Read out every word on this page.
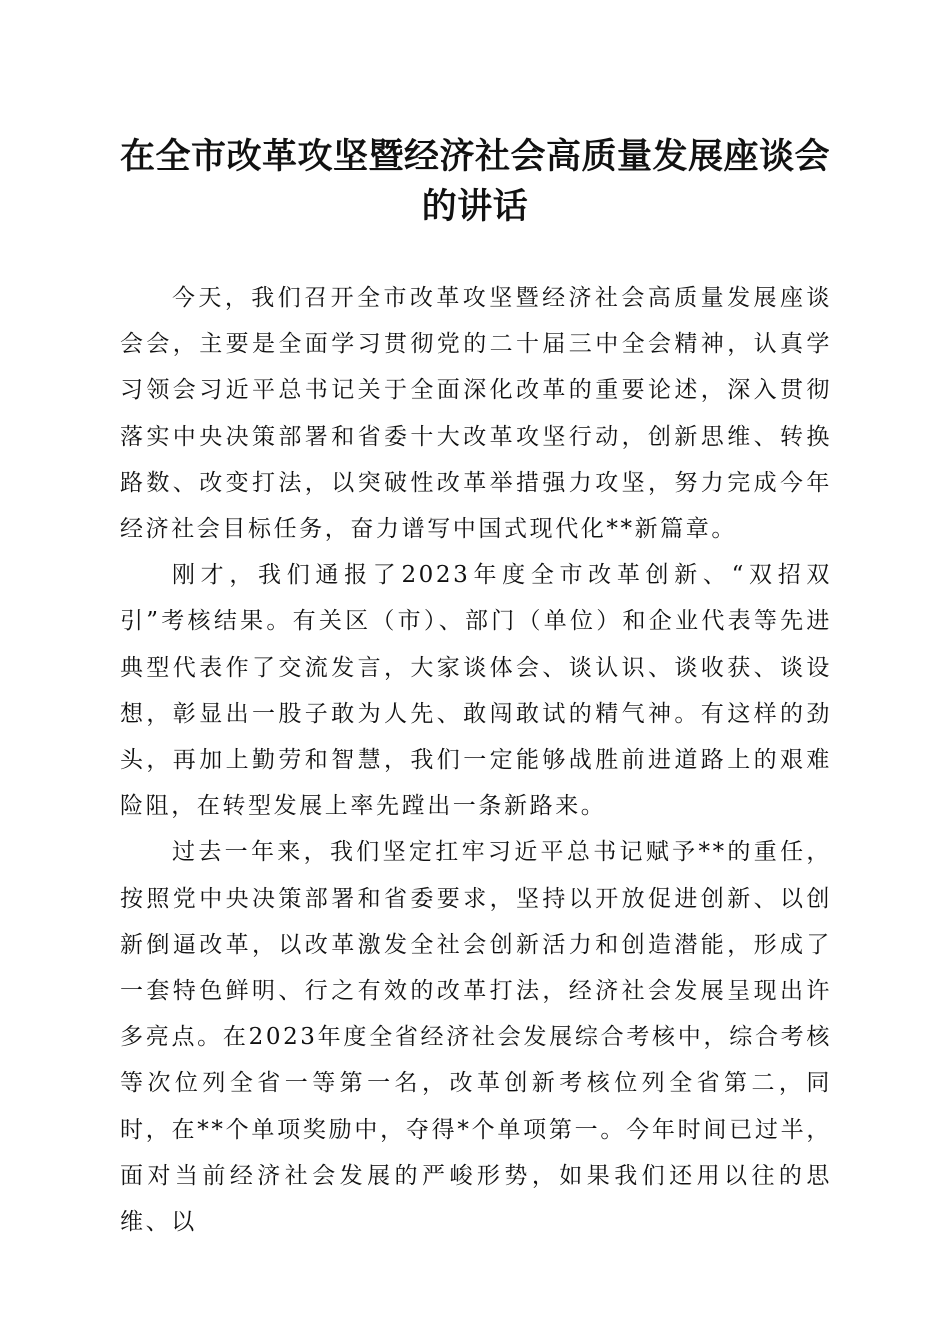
在全市改革攻坚暨经济社会高质量发展座谈会
的讲话

今天，我们召开全市改革攻坚暨经济社会高质量发展座谈会会，主要是全面学习贯彻党的二十届三中全会精神，认真学习领会习近平总书记关于全面深化改革的重要论述，深入贯彻落实中央决策部署和省委十大改革攻坚行动，创新思维、转换路数、改变打法，以突破性改革举措强力攻坚，努力完成今年经济社会目标任务，奋力谱写中国式现代化**新篇章。

刚才，我们通报了2023年度全市改革创新、“双招双引”考核结果。有关区（市）、部门（单位）和企业代表等先进典型代表作了交流发言，大家谈体会、谈认识、谈收获、谈设想，彰显出一股子敢为人先、敢闯敢试的精气神。有这样的劲头，再加上勤劳和智慧，我们一定能够战胜前进道路上的艰难险阻，在转型发展上率先蹚出一条新路来。

过去一年来，我们坚定扛牢习近平总书记赋予**的重任，按照党中央决策部署和省委要求，坚持以开放促进创新、以创新倒逼改革，以改革激发全社会创新活力和创造潜能，形成了一套特色鲜明、行之有效的改革打法，经济社会发展呈现出许多亮点。在2023年度全省经济社会发展综合考核中，综合考核等次位列全省一等第一名，改革创新考核位列全省第二，同时，在**个单项奖励中，夺得*个单项第一。今年时间已过半，面对当前经济社会发展的严峻形势，如果我们还用以往的思维、以
